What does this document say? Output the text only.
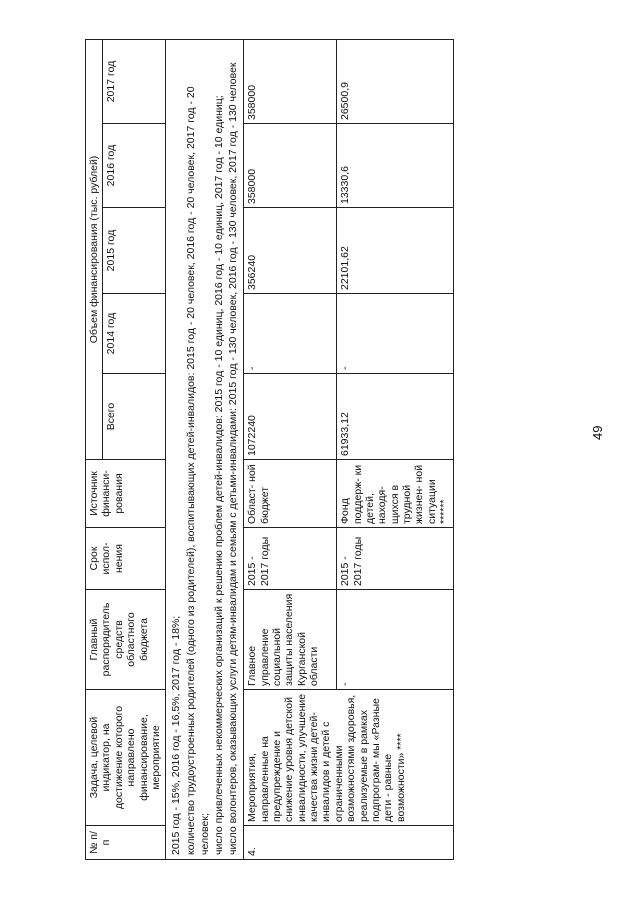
49
№ п/п	Задача, целевой индикатор, на достижение которого направлено финансирование, мероприятие	Главный распорядитель средств областного бюджета	Срок испол- нения	Источник финанси- рования	Объем финансирования (тыс. рублей)				
					Всего	2014 год	2015 год	2016 год	2017 год

2015 год - 15%, 2016 год - 16,5%, 2017 год - 18%; количество трудоустроенных родителей (одного из родителей), воспитывающих детей-инвалидов: 2015 год - 20 человек, 2016 год - 20 человек, 2017 год - 20 человек; число привлеченных некоммерческих организаций к решению проблем детей-инвалидов: 2015 год - 10 единиц, 2016 год - 10 единиц, 2017 год - 10 единиц; число волонтеров, оказывающих услуги детям-инвалидам и семьям с детьми-инвалидами: 2015 год - 130 человек, 2016 год - 130 человек, 2017 год - 130 человек									

4.	Мероприятия, направленные на предупреждение и снижение уровня детской инвалидности, улучшение качества жизни детей-инвалидов и детей с ограниченными возможностями здоровья, реализуемые в рамках подпрограм- мы «Разные дети - равные возможности» ****	Главное управление социальной защиты населения Курганской области	2015 - 2017 годы	Област- ной бюджет	1072240	-	356240	358000	358000
		-	2015 - 2017 годы	Фонд поддерж- ки детей, находя- щихся в трудной жизнен- ной ситуации ******	61933,12	-	22101,62	13330,6	26500,9
